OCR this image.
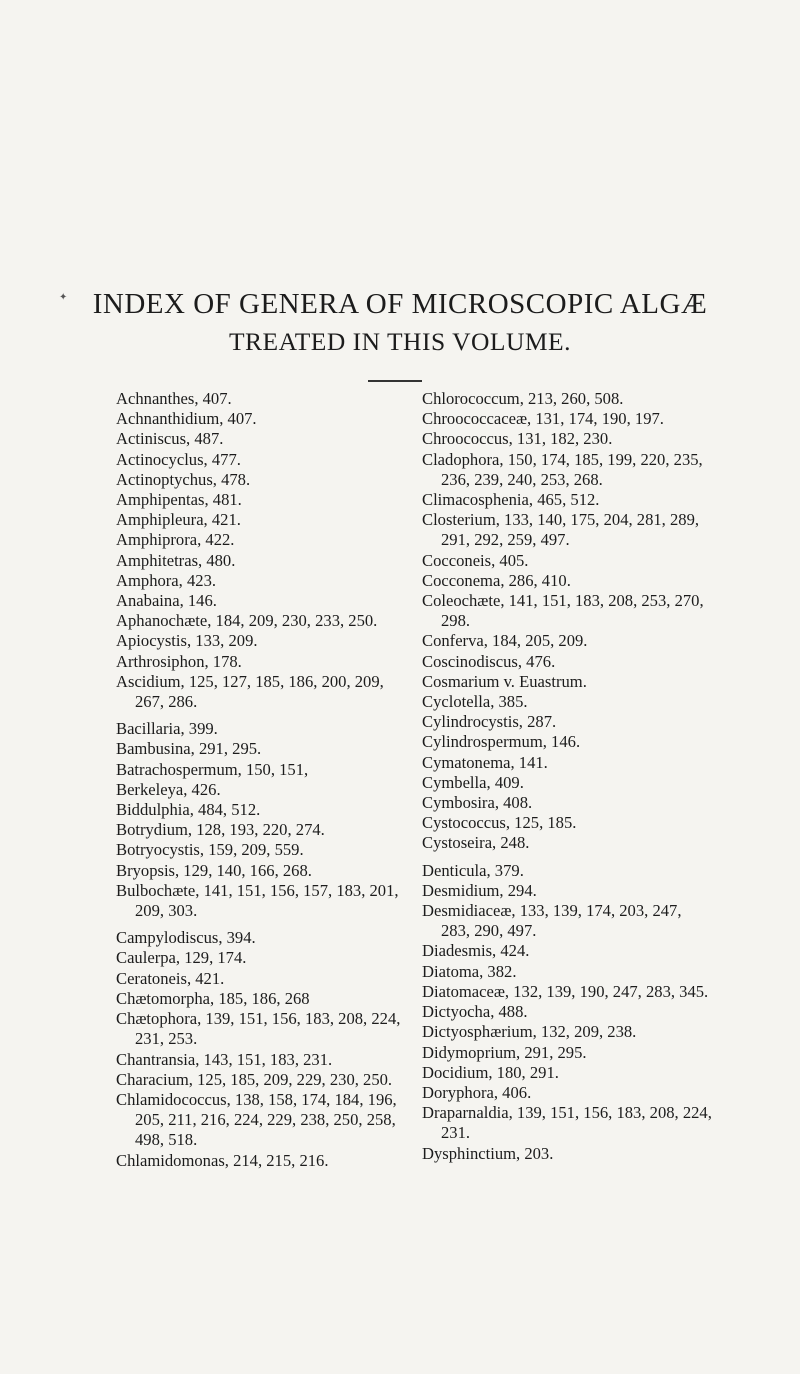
✦ INDEX OF GENERA OF MICROSCOPIC ALGÆ
TREATED IN THIS VOLUME.
Achnanthes, 407.
Achnanthidium, 407.
Actiniscus, 487.
Actinocyclus, 477.
Actinoptychus, 478.
Amphipentas, 481.
Amphipleura, 421.
Amphiprora, 422.
Amphitetras, 480.
Amphora, 423.
Anabaina, 146.
Aphanochæte, 184, 209, 230, 233, 250.
Apiocystis, 133, 209.
Arthrosiphon, 178.
Ascidium, 125, 127, 185, 186, 200, 209, 267, 286.
Bacillaria, 399.
Bambusina, 291, 295.
Batrachospermum, 150, 151,
Berkeleya, 426.
Biddulphia, 484, 512.
Botrydium, 128, 193, 220, 274.
Botryocystis, 159, 209, 559.
Bryopsis, 129, 140, 166, 268.
Bulbochæte, 141, 151, 156, 157, 183, 201, 209, 303.
Campylodiscus, 394.
Caulerpa, 129, 174.
Ceratoneis, 421.
Chætomorpha, 185, 186, 268
Chætophora, 139, 151, 156, 183, 208, 224, 231, 253.
Chantransia, 143, 151, 183, 231.
Characium, 125, 185, 209, 229, 230, 250.
Chlamidococcus, 138, 158, 174, 184, 196, 205, 211, 216, 224, 229, 238, 250, 258, 498, 518.
Chlamidomonas, 214, 215, 216.
Chlorococcum, 213, 260, 508.
Chroococcaceæ, 131, 174, 190, 197.
Chroococcus, 131, 182, 230.
Cladophora, 150, 174, 185, 199, 220, 235, 236, 239, 240, 253, 268.
Climacosphenia, 465, 512.
Closterium, 133, 140, 175, 204, 281, 289, 291, 292, 259, 497.
Cocconeis, 405.
Cocconema, 286, 410.
Coleochæte, 141, 151, 183, 208, 253, 270, 298.
Conferva, 184, 205, 209.
Coscinodiscus, 476.
Cosmarium v. Euastrum.
Cyclotella, 385.
Cylindrocystis, 287.
Cylindrospermum, 146.
Cymatonema, 141.
Cymbella, 409.
Cymbosira, 408.
Cystococcus, 125, 185.
Cystoseira, 248.
Denticula, 379.
Desmidium, 294.
Desmidiaceæ, 133, 139, 174, 203, 247, 283, 290, 497.
Diadesmis, 424.
Diatoma, 382.
Diatomaceæ, 132, 139, 190, 247, 283, 345.
Dictyocha, 488.
Dictyosphærium, 132, 209, 238.
Didymoprium, 291, 295.
Docidium, 180, 291.
Doryphora, 406.
Draparnaldia, 139, 151, 156, 183, 208, 224, 231.
Dysphinctium, 203.
